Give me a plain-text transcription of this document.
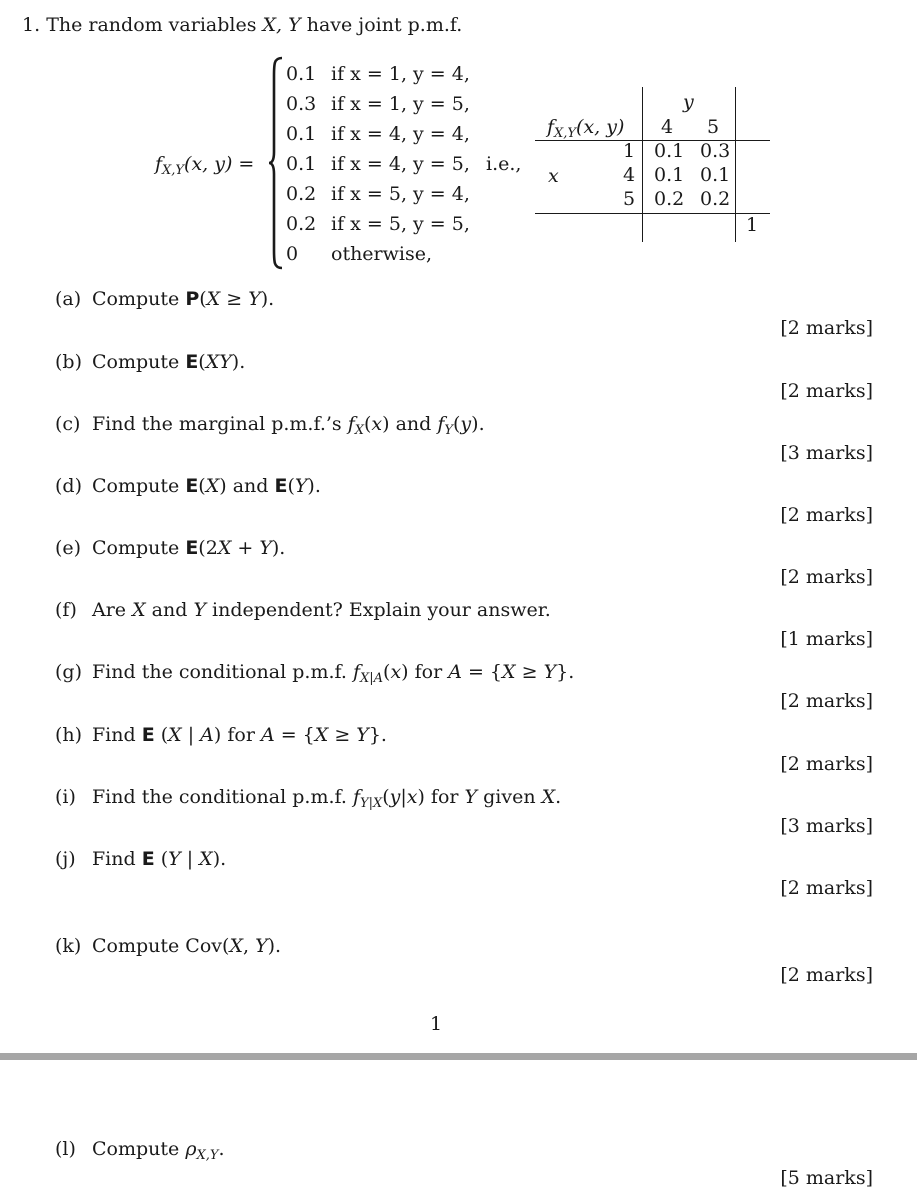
1. The random variables X, Y have joint p.m.f.
$f_{X,Y}(x$, y) =
0.1 if x = 1, y = 4,
0.3 if x = 1, y = 5,
0.1 if x = 4, y = 4,
0.1 if x = 4, y = 5,
0.2 if x = 5, y = 4,
0.2 if x = 5, y = 5,
0 otherwise,
i.e.,
y
$f_{X,Y}(x$, y) 4 5
x
1 0.1 0.3
4 0.1 0.1
5 0.2 0.2
1
(a) Compute P(X ≥ Y).
[2 marks]
(b) Compute E(XY).
[2 marks]
(c) Find the marginal p.m.f.’s $f_X(x)$ and $f_Y(y)$.
[3 marks]
(d) Compute E(X) and E(Y).
[2 marks]
(e) Compute E(2X + Y).
[2 marks]
(f) Are X and Y independent? Explain your answer.
[1 marks]
(g) Find the conditional p.m.f. $f_{X|A}(x)$ for A = {X ≥ Y}.
[2 marks]
(h) Find E (X | A) for A = {X ≥ Y}.
[2 marks]
(i) Find the conditional p.m.f. $f_{Y|X}(y|x)$ for Y given X.
[3 marks]
(j) Find E (Y | X).
[2 marks]
(k) Compute Cov(X, Y).
[2 marks]
1
(l) Compute $\rho_{X,Y}$.
[5 marks]
